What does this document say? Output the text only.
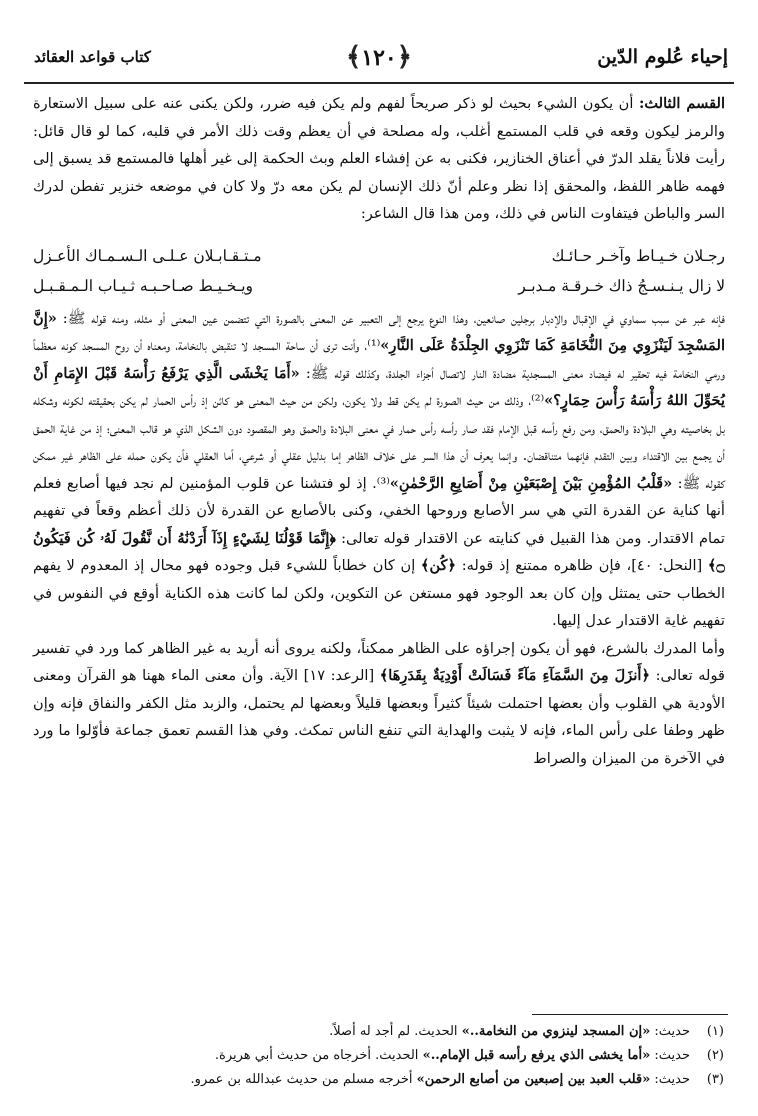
إحياء عُلوم الدّين
﴿١٢٠﴾
كتاب قواعد العقائد

القسم الثالث: أن يكون الشيء بحيث لو ذكر صريحاً لفهم ولم يكن فيه ضرر، ولكن يكنى عنه على سبيل الاستعارة والرمز ليكون وقعه في قلب المستمع أغلب، وله مصلحة في أن يعظم وقت ذلك الأمر في قلبه، كما لو قال قائل: رأيت فلاناً يقلد الدرّ في أعناق الخنازير، فكنى به عن إفشاء العلم وبث الحكمة إلى غير أهلها فالمستمع قد يسبق إلى فهمه ظاهر اللفظ، والمحقق إذا نظر وعلم أنّ ذلك الإنسان لم يكن معه درّ ولا كان في موضعه خنزير تفطن لدرك السر والباطن فيتفاوت الناس في ذلك، ومن هذا قال الشاعر:

رجـلان خـيـاط وآخـر حـائـك
مـتـقـابـلان عـلـى الـسـمـاك الأعـزل
لا زال يـنـسـجُ ذاك خـرقـة مـدبـر
ويـخـيـط صـاحـبـه ثـيـاب الـمـقـبـل

فإنه عبر عن سبب سماوي في الإقبال والإدبار برجلين صانعين، وهذا النوع يرجع إلى التعبير عن المعنى بالصورة التي تتضمن عين المعنى أو مثله، ومنه قوله ﷺ: «إِنَّ المَسْجِدَ لَيَنْزَوِي مِنَ النُّخَامَةِ كَمَا تَنْزَوِي الجِلْدَةُ عَلَى النَّارِ»⁽¹⁾، وأنت ترى أن ساحة المسجد لا تنقبض بالنخامة، ومعناه أن روح المسجد كونه معظماً ورمي النخامة فيه تحقير له فيضاد معنى المسجدية مضادة النار لاتصال أجزاء الجلدة، وكذلك قوله ﷺ: «أَمَا يَخْشَى الَّذِي يَرْفَعُ رَأْسَهُ قَبْلَ الإِمَامِ أَنْ يُحَوِّلَ اللهُ رَأْسَهُ رَأْسَ حِمَارٍ؟»⁽²⁾، وذلك من حيث الصورة لم يكن قط ولا يكون، ولكن من حيث المعنى هو كائن إذ رأس الحمار لم يكن بحقيقته لكونه وشكله بل بخاصيته وهي البلادة والحمق، ومن رفع رأسه قبل الإمام فقد صار رأسه رأس حمار في معنى البلادة والحمق وهو المقصود دون الشكل الذي هو قالب المعنى؛ إذ من غاية الحمق أن يجمع بين الاقتداء وبين التقدم فإنهما متناقضان. وإنما يعرف أن هذا السر على خلاف الظاهر إما بدليل عقلي أو شرعي، أما العقلي فأن يكون حمله على الظاهر غير ممكن كقوله ﷺ: «قَلْبُ المُؤْمِنِ بَيْنَ إِصْبَعَيْنِ مِنْ أَصَابِعِ الرَّحْمٰنِ»⁽³⁾. إذ لو فتشنا عن قلوب المؤمنين لم نجد فيها أصابع فعلم أنها كناية عن القدرة التي هي سر الأصابع وروحها الخفي، وكنى بالأصابع عن القدرة لأن ذلك أعظم وقعاً في تفهيم تمام الاقتدار. ومن هذا القبيل في كنايته عن الاقتدار قوله تعالى: ﴿إِنَّمَا قَوْلُنَا لِشَيْءٍ إِذَآ أَرَدْنَٰهُ أَن نَّقُولَ لَهُۥ كُن فَيَكُونُ ۝﴾ [النحل: ٤٠]، فإن ظاهره ممتنع إذ قوله: ﴿كُن﴾ إن كان خطاباً للشيء قبل وجوده فهو محال إذ المعدوم لا يفهم الخطاب حتى يمتثل وإن كان بعد الوجود فهو مستغن عن التكوين، ولكن لما كانت هذه الكناية أوقع في النفوس في تفهيم غاية الاقتدار عدل إليها.

وأما المدرك بالشرع، فهو أن يكون إجراؤه على الظاهر ممكناً، ولكنه يروى أنه أريد به غير الظاهر كما ورد في تفسير قوله تعالى: ﴿أَنزَلَ مِنَ السَّمَآءِ مَآءً فَسَالَتْ أَوْدِيَةٌ بِقَدَرِهَا﴾ [الرعد: ١٧] الآية. وأن معنى الماء ههنا هو القرآن ومعنى الأودية هي القلوب وأن بعضها احتملت شيئاً كثيراً وبعضها قليلاً وبعضها لم يحتمل، والزبد مثل الكفر والنفاق فإنه وإن ظهر وطفا على رأس الماء، فإنه لا يثبت والهداية التي تنفع الناس تمكث. وفي هذا القسم تعمق جماعة فأوّلوا ما ورد في الآخرة من الميزان والصراط

(١)
حديث: «إن المسجد لينزوي من النخامة..» الحديث. لم أجد له أصلاً.
(٢)
حديث: «أما يخشى الذي يرفع رأسه قبل الإمام..» الحديث. أخرجاه من حديث أبي هريرة.
(٣)
حديث: «قلب العبد بين إصبعين من أصابع الرحمن» أخرجه مسلم من حديث عبدالله بن عمرو.
